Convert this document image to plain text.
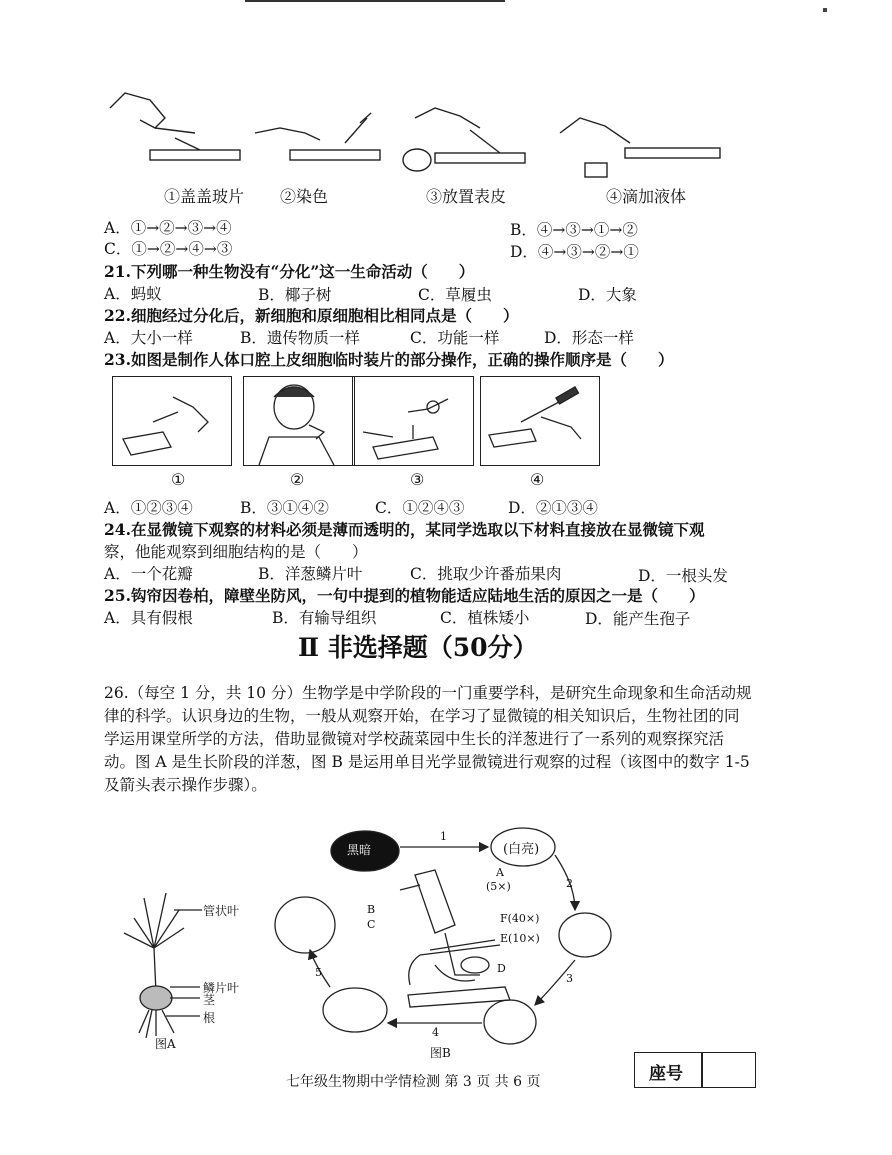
①盖盖玻片 ②染色	③放置表皮	④滴加液体
A．①→②→③→④	B．④→③→①→②
C．①→②→④→③	D．④→③→②→①
21.下列哪一种生物没有“分化”这一生命活动（　　）
A．蚂蚁	B．椰子树	C．草履虫	D．大象
22.细胞经过分化后，新细胞和原细胞相比相同点是（　　）
A．大小一样	B．遗传物质一样	C．功能一样	D．形态一样
23.如图是制作人体口腔上皮细胞临时装片的部分操作，正确的操作顺序是（　　）
①	②	③	④
A．①②③④	B．③①④②	C．①②④③	D．②①③④
24.在显微镜下观察的材料必须是薄而透明的，某同学选取以下材料直接放在显微镜下观
察，他能观察到细胞结构的是（　　）
A．一个花瓣	B．洋葱鳞片叶	C．挑取少许番茄果肉	D．一根头发
25.钩帘因卷柏，障壁坐防风，一句中提到的植物能适应陆地生活的原因之一是（　　）
A．具有假根	B．有输导组织	C．植株矮小	D．能产生孢子
Ⅱ 非选择题（50分）
26.（每空 1 分，共 10 分）生物学是中学阶段的一门重要学科，是研究生命现象和生命活动规律的科学。认识身边的生物，一般从观察开始，在学习了显微镜的相关知识后，生物社团的同学运用课堂所学的方法，借助显微镜对学校蔬菜园中生长的洋葱进行了一系列的观察探究活动。图 A 是生长阶段的洋葱，图 B 是运用单目光学显微镜进行观察的过程（该图中的数字 1-5 及箭头表示操作步骤）。
管状叶
鳞片叶
茎
根
图A
黑暗	(白亮)
1
2
3
4
5
A
(5×)
B
C	F(40×)
E(10×)
D
图B
七年级生物期中学情检测 第 3 页 共 6 页	座号
